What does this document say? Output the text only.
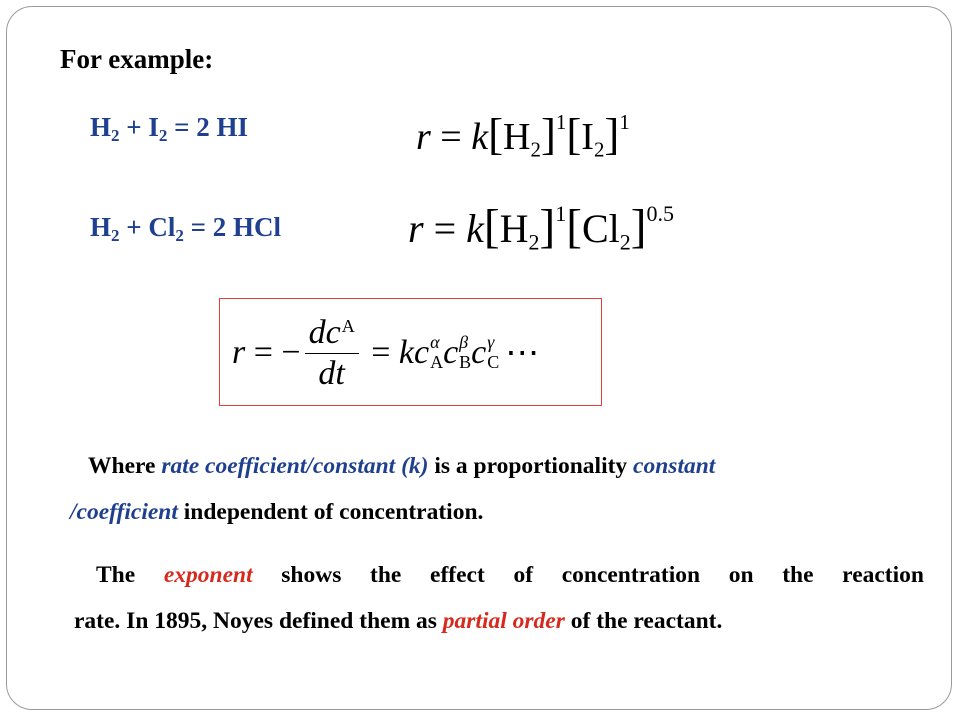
For example:
$H_2 + I_2 = 2$ HI
$H_2 + Cl_2 = 2$ HCl
$r = k[H_2]^1[I_2]^1$
$r = k[H_2]^1[Cl_2]^{0.5}$
r = − $\frac{dc^A}{dt}$ = kc α
A c β
B c γ
C ⋯
Where rate coefficient/constant (k) is a proportionality constant
/coefficient independent of concentration.
The exponent shows the effect of concentration on the reaction
rate. In 1895, Noyes defined them as partial order of the reactant.
